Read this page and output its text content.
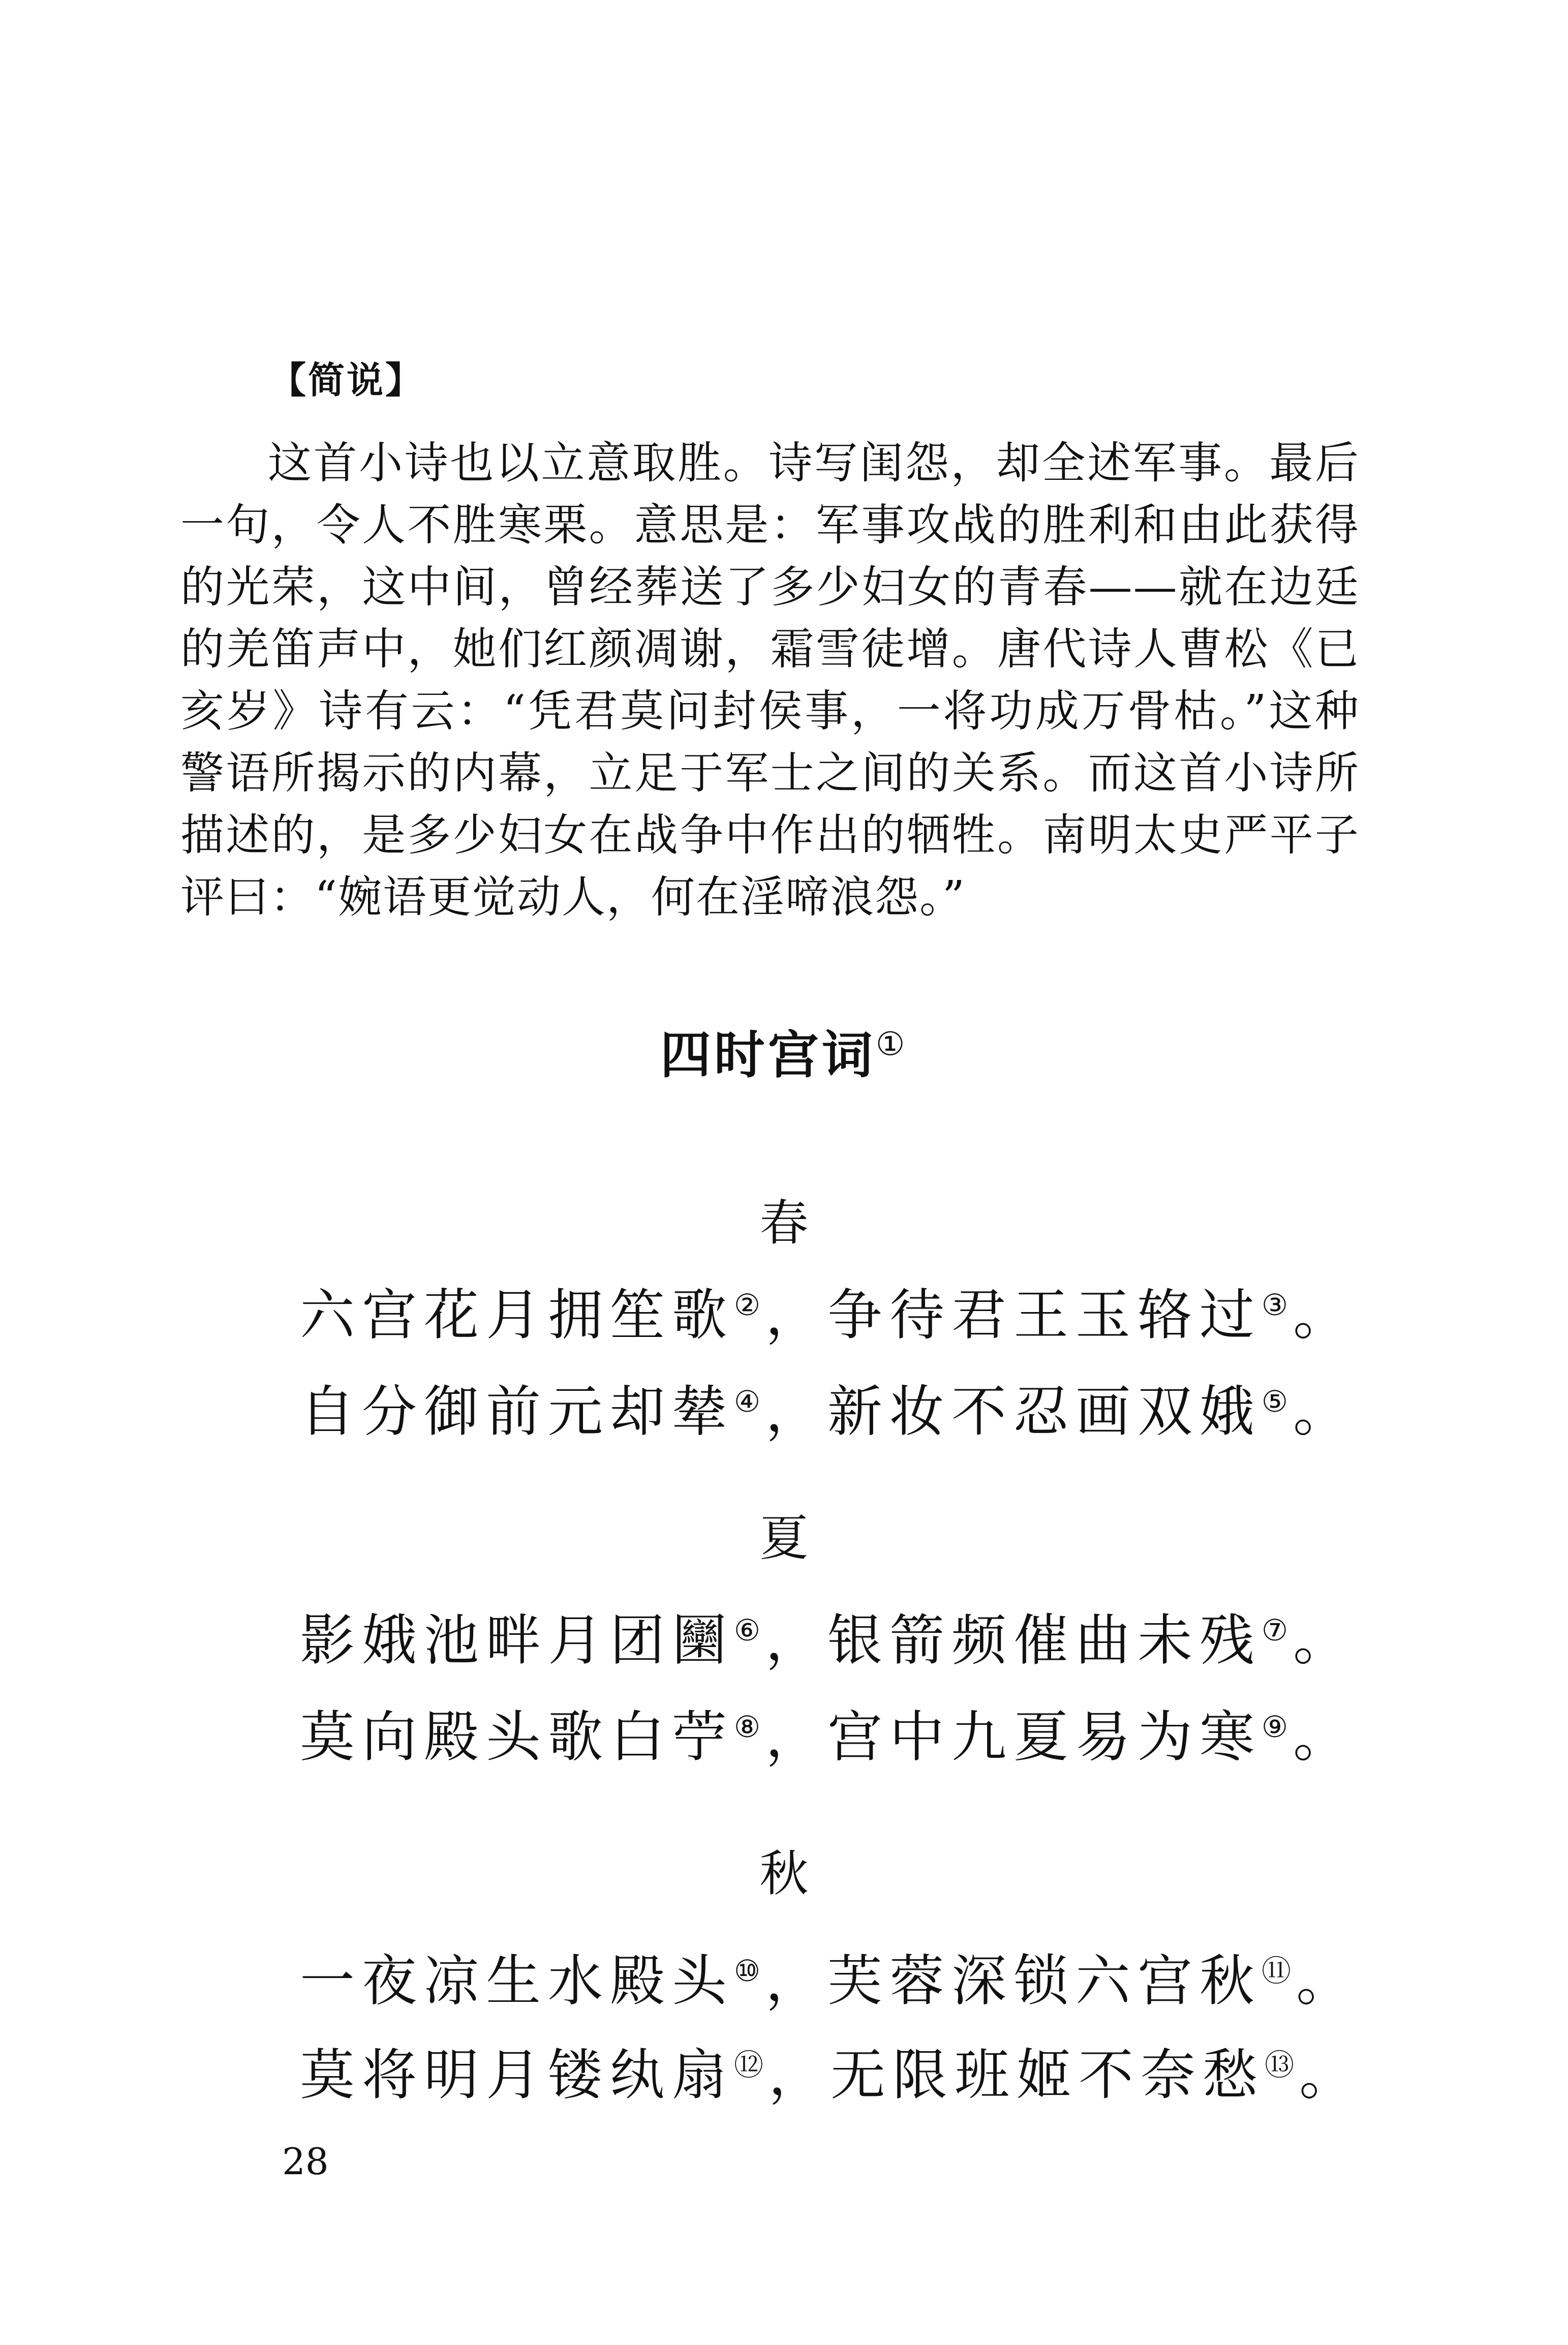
【简说】

这首小诗也以立意取胜。诗写闺怨，却全述军事。最后一句，令人不胜寒栗。意思是：军事攻战的胜利和由此获得的光荣，这中间，曾经葬送了多少妇女的青春——就在边廷的羌笛声中，她们红颜凋谢，霜雪徒增。唐代诗人曹松《已亥岁》诗有云：“凭君莫问封侯事，一将功成万骨枯。”这种警语所揭示的内幕，立足于军士之间的关系。而这首小诗所描述的，是多少妇女在战争中作出的牺牲。南明太史严平子评曰：“婉语更觉动人，何在淫啼浪怨。”

四时宫词①
春
六宫花月拥笙歌②，争待君王玉辂过③。
自分御前元却辇④，新妆不忍画双娥⑤。
夏
影娥池畔月团圞⑥，银箭频催曲未残⑦。
莫向殿头歌白苧⑧，宫中九夏易为寒⑨。
秋
一夜凉生水殿头⑩，芙蓉深锁六宫秋⑪。
莫将明月镂纨扇⑫，无限班姬不奈愁⑬。
28
